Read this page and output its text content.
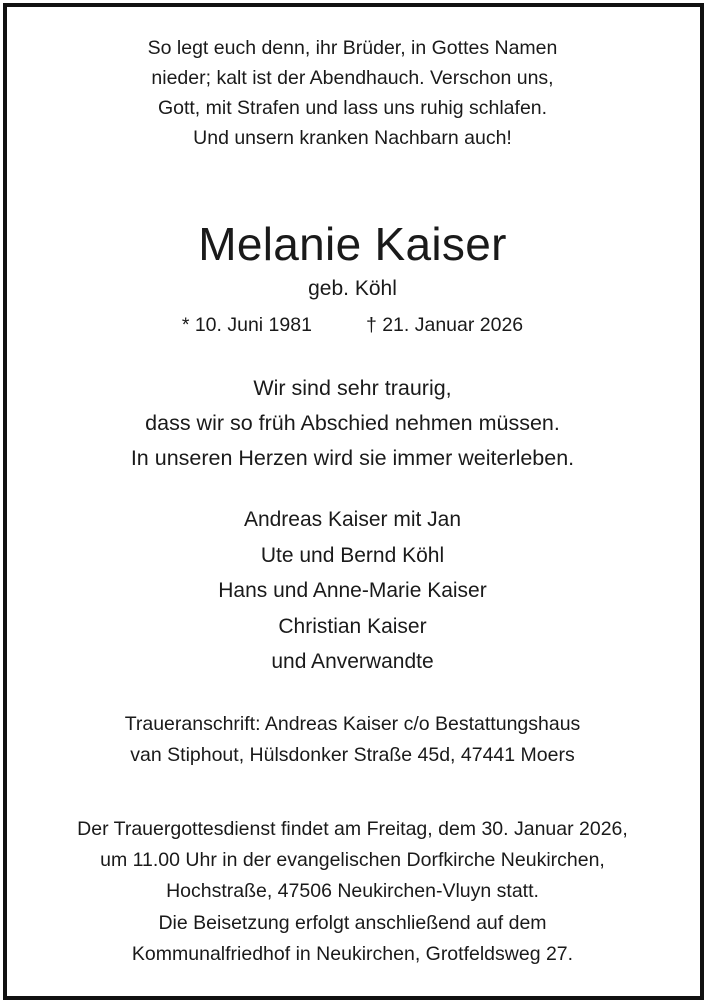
So legt euch denn, ihr Brüder, in Gottes Namen
nieder; kalt ist der Abendhauch. Verschon uns,
Gott, mit Strafen und lass uns ruhig schlafen.
Und unsern kranken Nachbarn auch!
Melanie Kaiser
geb. Köhl
* 10. Juni 1981	† 21. Januar 2026
Wir sind sehr traurig,
dass wir so früh Abschied nehmen müssen.
In unseren Herzen wird sie immer weiterleben.
Andreas Kaiser mit Jan
Ute und Bernd Köhl
Hans und Anne-Marie Kaiser
Christian Kaiser
und Anverwandte
Traueranschrift: Andreas Kaiser c/o Bestattungshaus
van Stiphout, Hülsdonker Straße 45d, 47441 Moers
Der Trauergottesdienst findet am Freitag, dem 30. Januar 2026,
um 11.00 Uhr in der evangelischen Dorfkirche Neukirchen,
Hochstraße, 47506 Neukirchen-Vluyn statt.
Die Beisetzung erfolgt anschließend auf dem
Kommunalfriedhof in Neukirchen, Grotfeldsweg 27.
